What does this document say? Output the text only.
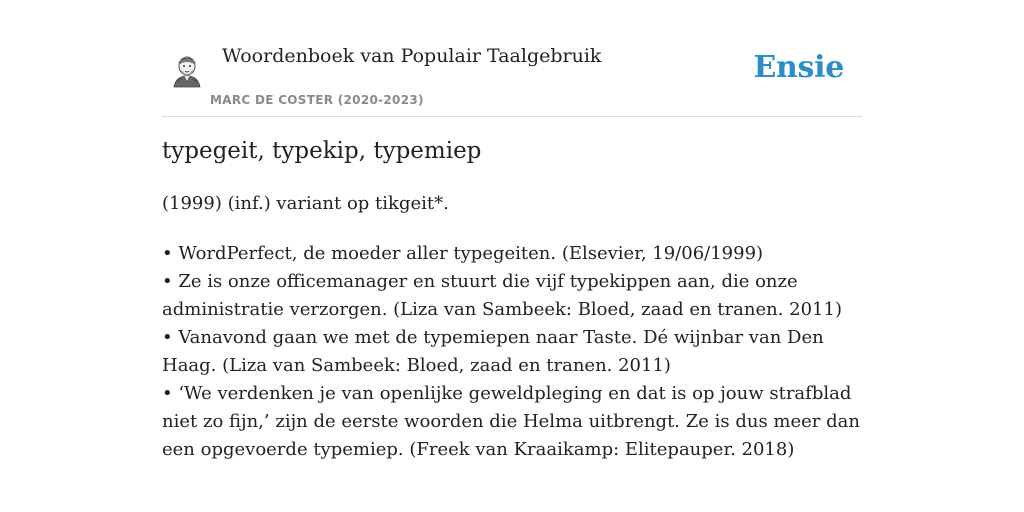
Woordenboek van Populair Taalgebruik
MARC DE COSTER (2020-2023)
Ensie
typegeit, typekip, typemiep

(1999) (inf.) variant op tikgeit*.

• WordPerfect, de moeder aller typegeiten. (Elsevier, 19/06/1999)
• Ze is onze officemanager en stuurt die vijf typekippen aan, die onze administratie verzorgen. (Liza van Sambeek: Bloed, zaad en tranen. 2011)
• Vanavond gaan we met de typemiepen naar Taste. Dé wijnbar van Den Haag. (Liza van Sambeek: Bloed, zaad en tranen. 2011)
• ‘We verdenken je van openlijke geweldpleging en dat is op jouw strafblad niet zo fijn,’ zijn de eerste woorden die Helma uitbrengt. Ze is dus meer dan een opgevoerde typemiep. (Freek van Kraaikamp: Elitepauper. 2018)
